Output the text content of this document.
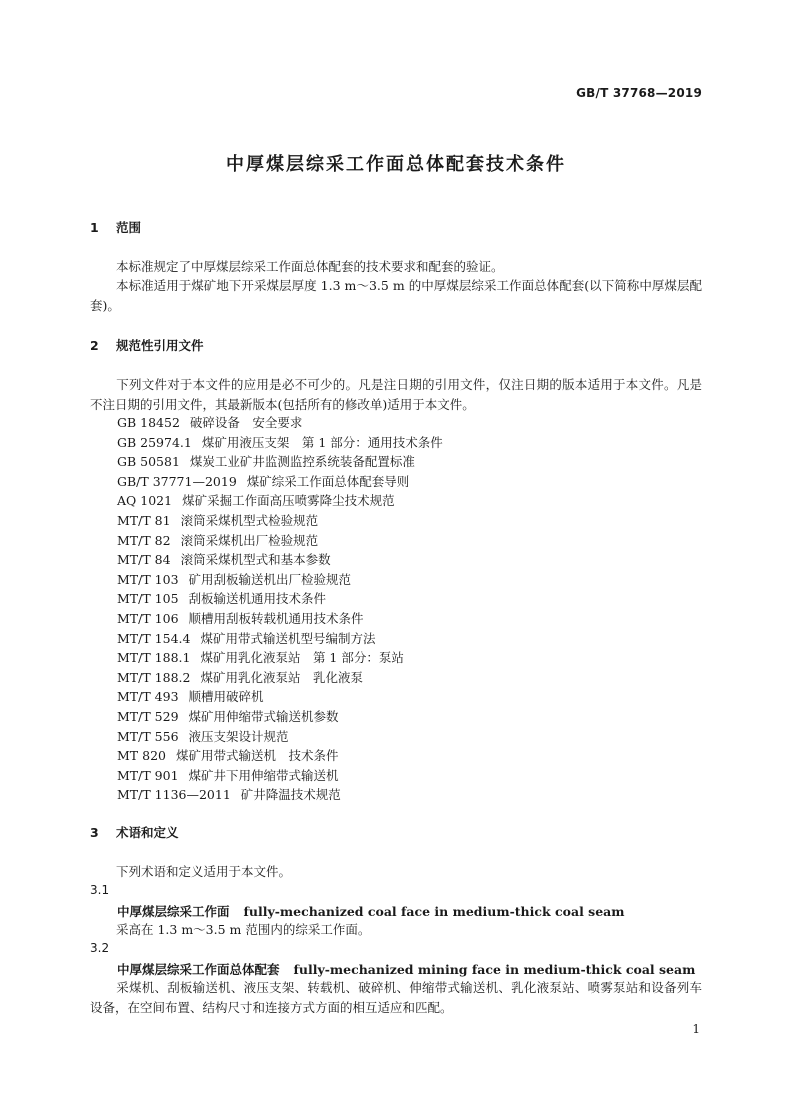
GB/T 37768—2019
中厚煤层综采工作面总体配套技术条件
1 范围
本标准规定了中厚煤层综采工作面总体配套的技术要求和配套的验证。
本标准适用于煤矿地下开采煤层厚度 1.3 m～3.5 m 的中厚煤层综采工作面总体配套(以下简称中厚煤层配套)。
2 规范性引用文件
下列文件对于本文件的应用是必不可少的。凡是注日期的引用文件，仅注日期的版本适用于本文件。凡是不注日期的引用文件，其最新版本(包括所有的修改单)适用于本文件。
GB 18452 破碎设备　安全要求
GB 25974.1 煤矿用液压支架　第 1 部分：通用技术条件
GB 50581 煤炭工业矿井监测监控系统装备配置标准
GB/T 37771—2019 煤矿综采工作面总体配套导则
AQ 1021 煤矿采掘工作面高压喷雾降尘技术规范
MT/T 81 滚筒采煤机型式检验规范
MT/T 82 滚筒采煤机出厂检验规范
MT/T 84 滚筒采煤机型式和基本参数
MT/T 103 矿用刮板输送机出厂检验规范
MT/T 105 刮板输送机通用技术条件
MT/T 106 顺槽用刮板转载机通用技术条件
MT/T 154.4 煤矿用带式输送机型号编制方法
MT/T 188.1 煤矿用乳化液泵站　第 1 部分：泵站
MT/T 188.2 煤矿用乳化液泵站　乳化液泵
MT/T 493 顺槽用破碎机
MT/T 529 煤矿用伸缩带式输送机参数
MT/T 556 液压支架设计规范
MT 820 煤矿用带式输送机　技术条件
MT/T 901 煤矿井下用伸缩带式输送机
MT/T 1136—2011 矿井降温技术规范
3 术语和定义
下列术语和定义适用于本文件。
3.1
中厚煤层综采工作面 fully-mechanized coal face in medium-thick coal seam
采高在 1.3 m～3.5 m 范围内的综采工作面。
3.2
中厚煤层综采工作面总体配套 fully-mechanized mining face in medium-thick coal seam
采煤机、刮板输送机、液压支架、转载机、破碎机、伸缩带式输送机、乳化液泵站、喷雾泵站和设备列车设备，在空间布置、结构尺寸和连接方式方面的相互适应和匹配。
1
